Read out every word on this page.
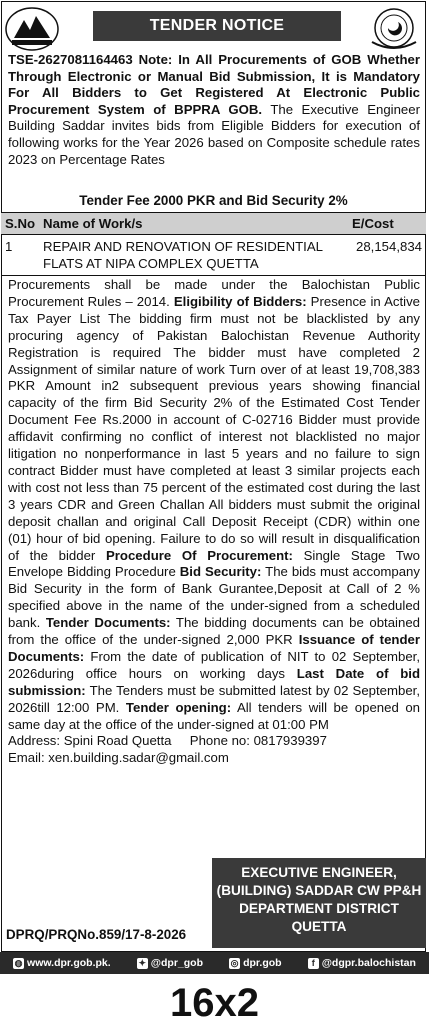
TENDER NOTICE
TSE-2627081164463 Note: In All Procurements of GOB Whether Through Electronic or Manual Bid Submission, It is Mandatory For All Bidders to Get Registered At Electronic Public Procurement System of BPPRA GOB. The Executive Engineer Building Saddar invites bids from Eligible Bidders for execution of following works for the Year 2026 based on Composite schedule rates 2023 on Percentage Rates
Tender Fee 2000 PKR and Bid Security 2%
S.No	Name of Work/s	E/Cost
1	REPAIR AND RENOVATION OF RESIDENTIAL FLATS AT NIPA COMPLEX QUETTA	28,154,834
Procurements shall be made under the Balochistan Public Procurement Rules – 2014. Eligibility of Bidders: Presence in Active Tax Payer List The bidding firm must not be blacklisted by any procuring agency of Pakistan Balochistan Revenue Authority Registration is required The bidder must have completed 2 Assignment of similar nature of work Turn over of at least 19,708,383 PKR Amount in2 subsequent previous years showing financial capacity of the firm Bid Security 2% of the Estimated Cost Tender Document Fee Rs.2000 in account of C-02716 Bidder must provide affidavit confirming no conflict of interest not blacklisted no major litigation no nonperformance in last 5 years and no failure to sign contract Bidder must have completed at least 3 similar projects each with cost not less than 75 percent of the estimated cost during the last 3 years CDR and Green Challan All bidders must submit the original deposit challan and original Call Deposit Receipt (CDR) within one (01) hour of bid opening. Failure to do so will result in disqualification of the bidder Procedure Of Procurement: Single Stage Two Envelope Bidding Procedure Bid Security: The bids must accompany Bid Security in the form of Bank Gurantee,Deposit at Call of 2 % specified above in the name of the under-signed from a scheduled bank. Tender Documents: The bidding documents can be obtained from the office of the under-signed 2,000 PKR Issuance of tender Documents: From the date of publication of NIT to 02 September, 2026during office hours on working days Last Date of bid submission: The Tenders must be submitted latest by 02 September, 2026till 12:00 PM. Tender opening: All tenders will be opened on same day at the office of the under-signed at 01:00 PM
Address: Spini Road Quetta     Phone no: 0817939397
Email: xen.building.sadar@gmail.com
EXECUTIVE ENGINEER,
(BUILDING) SADDAR CW PP&H
DEPARTMENT DISTRICT
QUETTA
DPRQ/PRQNo.859/17-8-2026
◍ www.dpr.gob.pk.	✦ @dpr_gob	◎ dpr.gob	f @dgpr.balochistan
16x2
